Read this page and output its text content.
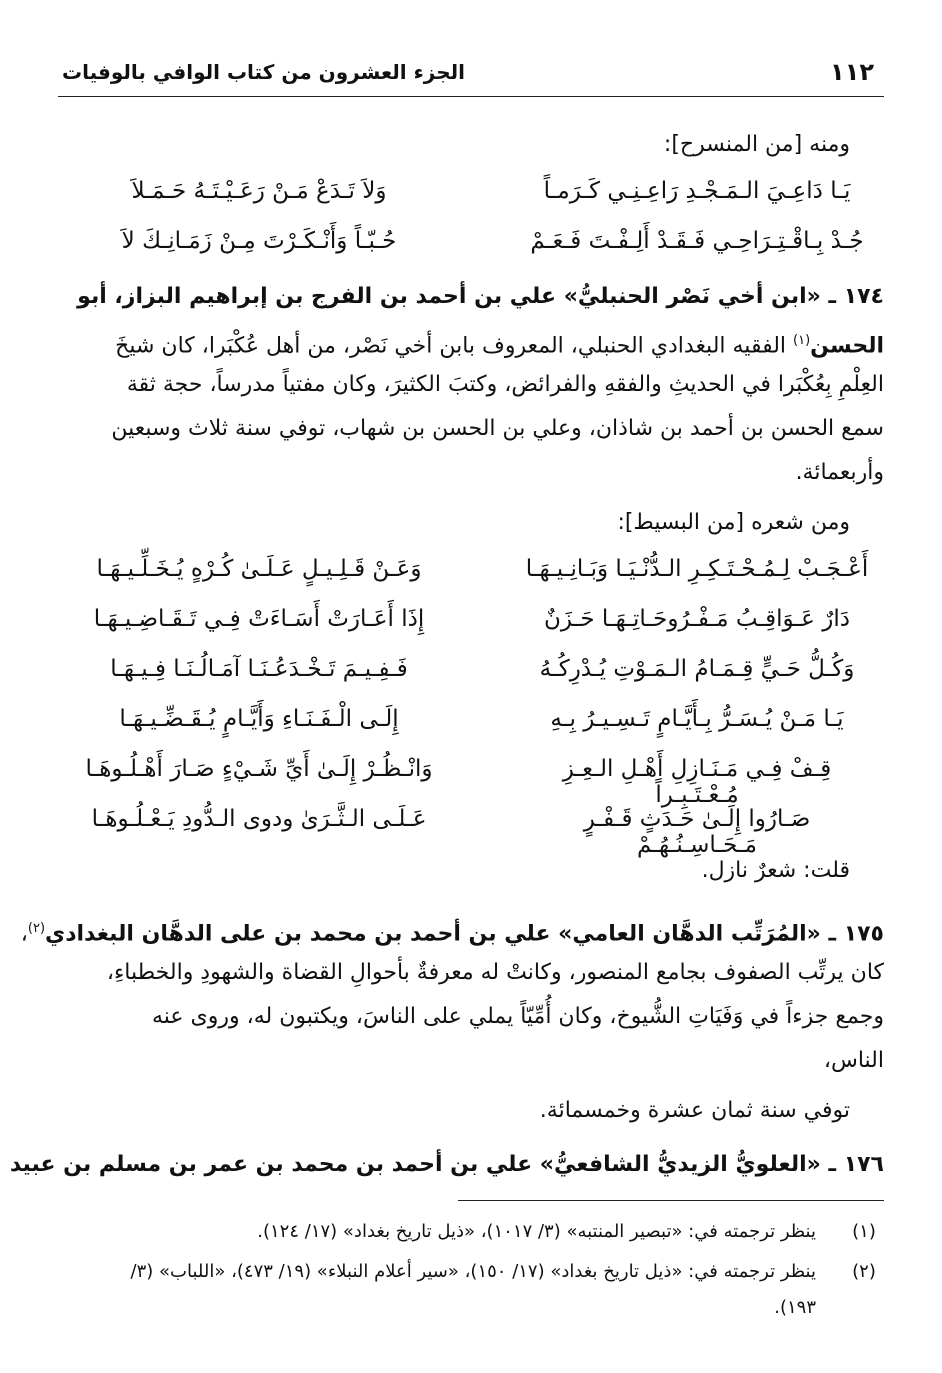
١١٢
الجزء العشرون من كتاب الوافي بالوفيات
ومنه [من المنسرح]:
يَـا دَاعِـيَ الـمَـجْـدِ رَاعِـنِـي كَـرَمـاً
وَلاَ تَـدَعْ مَـنْ رَعَـيْـتَـهُ حَـمَـلاَ
جُـدْ بِـاقْـتِـرَاحِـي فَـقَـدْ أَلِـفْـتَ فَـعَـمْ
حُـبّـاً وَأَنْـكَـرْتَ مِـنْ زَمَـانِـكَ لاَ
١٧٤ ـ «ابن أخي نَصْر الحنبليُّ» علي بن أحمد بن الفرج بن إبراهيم البزاز، أبو
الحسن$^{(١)}$ الفقيه البغدادي الحنبلي، المعروف بابن أخي نَصْر، من أهل عُكْبَرا، كان شيخَ
العِلْمِ بِعُكْبَرا في الحديثِ والفقهِ والفرائض، وكتبَ الكثيرَ، وكان مفتياً مدرساً، حجة ثقة
سمع الحسن بن أحمد بن شاذان، وعلي بن الحسن بن شهاب، توفي سنة ثلاث وسبعين
وأربعمائة.
ومن شعره [من البسيط]:
أَعْـجَـبْ لِـمُـحْـتَـكِـرِ الـدُّنْـيَـا وَبَـانِـيـهَـا
وَعَـنْ قَـلِـيـلٍ عَـلَـىٰ كُـرْهٍ يُـخَـلِّـيـهَـا
دَارٌ عَـوَاقِـبُ مَـفْـرُوحَـاتِـهَـا حَـزَنٌ
إِذَا أَعَـارَتْ أَسَـاءَتْ فِـي تَـقَـاضِـيـهَـا
وَكُـلُّ حَـيٍّ قِـمَـامُ الـمَـوْتِ يُـدْرِكُـهُ
فَـفِـيـمَ تَـخْـدَعُـنَـا آمَـالُـنَـا فِـيـهَـا
يَـا مَـنْ يُـسَـرُّ بِـأَيَّـامٍ تَـسِـيـرُ بِـهِ
إِلَـى الْـفَـنَـاءِ وَأَيَّـامٍ يُـقَـضِّـيـهَـا
قِـفْ فِـي مَـنَـازِلِ أَهْـلِ الـعِـزِ مُـعْـتَـبِـراً
وَانْـظُـرْ إِلَـىٰ أَيِّ شَـيْءٍ صَـارَ أَهْـلُـوهَـا
صَـارُوا إِلَـىٰ حَـدَثٍ قَـفْـرٍ مَـحَـاسِـنُـهُـمْ
عَـلَـى الـثَّـرَىٰ ودوى الـدُّودِ يَـعْـلُـوهَـا
قلت: شعرٌ نازل.
١٧٥ ـ «المُرَتِّب الدهَّان العامي» علي بن أحمد بن محمد بن على الدهَّان البغدادي$^{(٢)}$،
كان يرتِّب الصفوف بجامع المنصور، وكانتْ له معرفةٌ بأحوالِ القضاة والشهودِ والخطباءِ،
وجمع جزءاً في وَفَيَاتِ الشُّيوخ، وكان أُمِّيّاً يملي على الناسَ، ويكتبون له، وروى عنه
الناس،
توفي سنة ثمان عشرة وخمسمائة.
١٧٦ ـ «العلويُّ الزيديُّ الشافعيُّ» علي بن أحمد بن محمد بن عمر بن مسلم بن عبيد
(١)
ينظر ترجمته في: «تبصير المنتبه» (٣/ ١٠١٧)، «ذيل تاريخ بغداد» (١٧/ ١٢٤).
(٢)
ينظر ترجمته في: «ذيل تاريخ بغداد» (١٧/ ١٥٠)، «سير أعلام النبلاء» (١٩/ ٤٧٣)، «اللباب» (٣/
١٩٣).
